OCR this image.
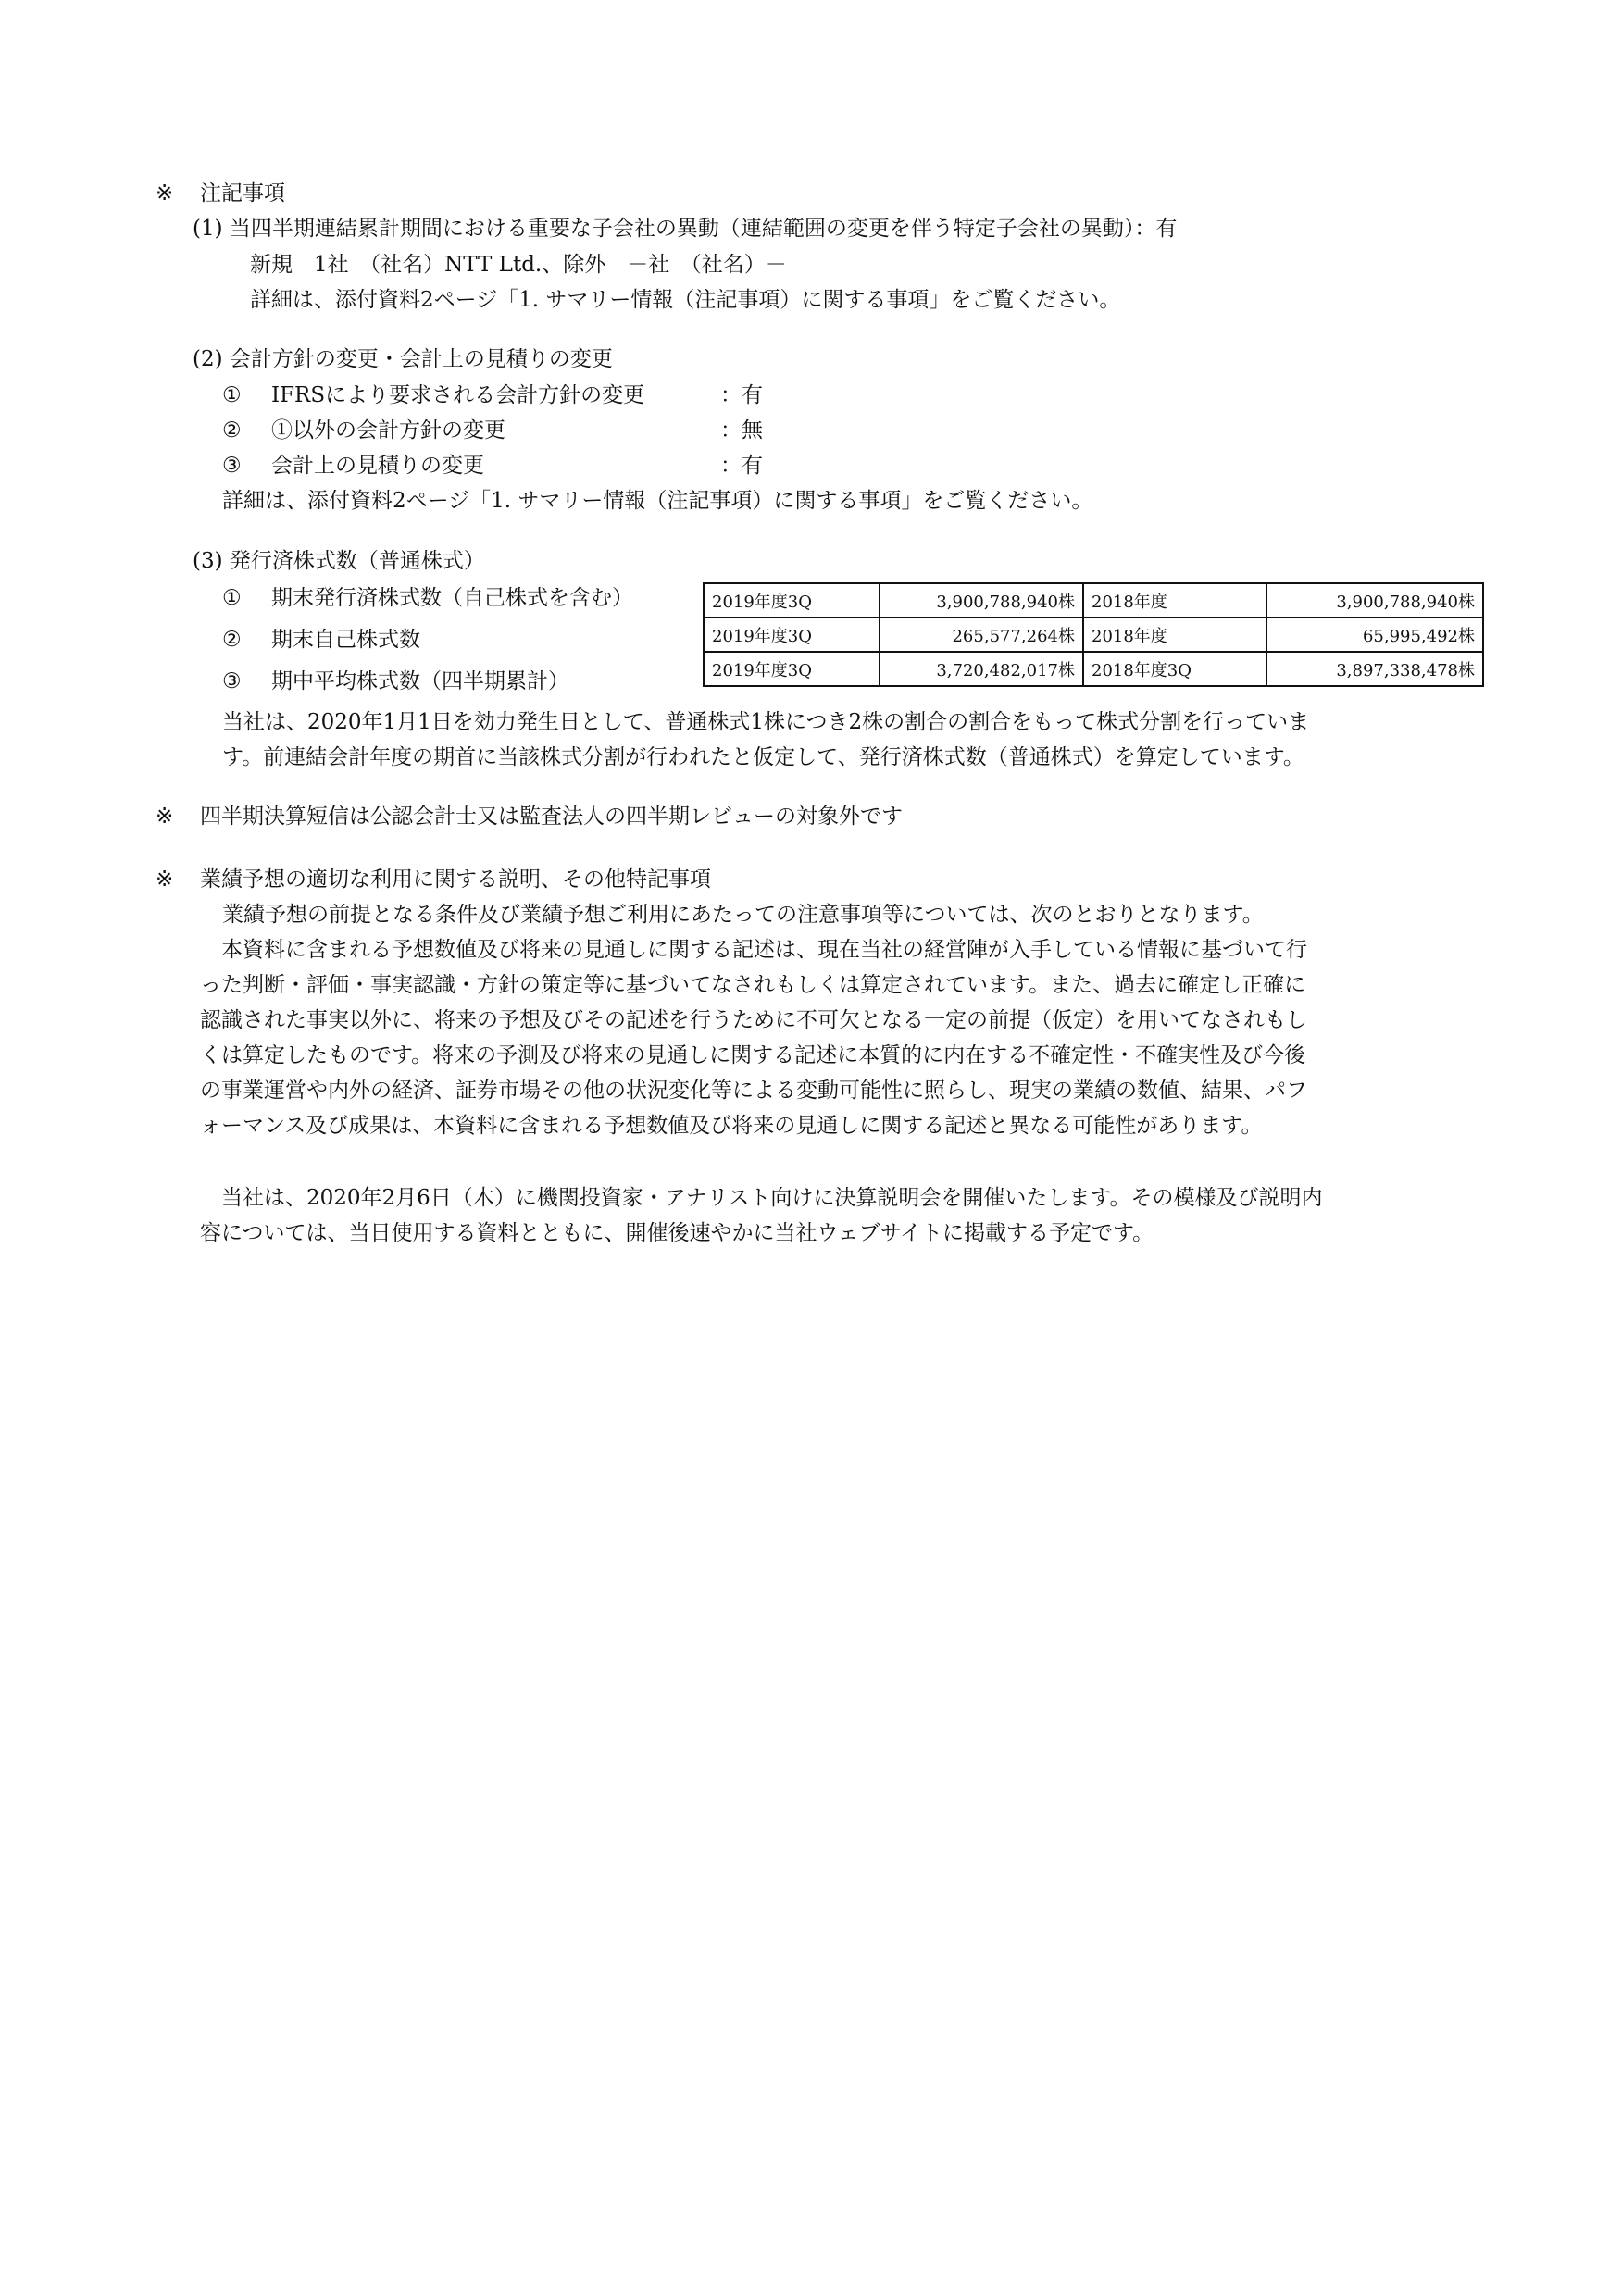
※ 注記事項
(1) 当四半期連結累計期間における重要な子会社の異動（連結範囲の変更を伴う特定子会社の異動）：有
新規　1社　（社名）NTT Ltd.、除外　－社　（社名）－
詳細は、添付資料2ページ「1. サマリー情報（注記事項）に関する事項」をご覧ください。
(2) 会計方針の変更・会計上の見積りの変更
① IFRSにより要求される会計方針の変更	：有
② ①以外の会計方針の変更	：無
③ 会計上の見積りの変更	：有
詳細は、添付資料2ページ「1. サマリー情報（注記事項）に関する事項」をご覧ください。
(3) 発行済株式数（普通株式）
① 期末発行済株式数（自己株式を含む）
② 期末自己株式数
③ 期中平均株式数（四半期累計）
2019年度3Q	3,900,788,940株	2018年度	3,900,788,940株
2019年度3Q	265,577,264株	2018年度	65,995,492株
2019年度3Q	3,720,482,017株	2018年度3Q	3,897,338,478株
当社は、2020年1月1日を効力発生日として、普通株式1株につき2株の割合の割合をもって株式分割を行っていま
す。前連結会計年度の期首に当該株式分割が行われたと仮定して、発行済株式数（普通株式）を算定しています。
※ 四半期決算短信は公認会計士又は監査法人の四半期レビューの対象外です
※ 業績予想の適切な利用に関する説明、その他特記事項
業績予想の前提となる条件及び業績予想ご利用にあたっての注意事項等については、次のとおりとなります。
　本資料に含まれる予想数値及び将来の見通しに関する記述は、現在当社の経営陣が入手している情報に基づいて行
った判断・評価・事実認識・方針の策定等に基づいてなされもしくは算定されています。また、過去に確定し正確に
認識された事実以外に、将来の予想及びその記述を行うために不可欠となる一定の前提（仮定）を用いてなされもし
くは算定したものです。将来の予測及び将来の見通しに関する記述に本質的に内在する不確定性・不確実性及び今後
の事業運営や内外の経済、証券市場その他の状況変化等による変動可能性に照らし、現実の業績の数値、結果、パフ
ォーマンス及び成果は、本資料に含まれる予想数値及び将来の見通しに関する記述と異なる可能性があります。
　当社は、2020年2月6日（木）に機関投資家・アナリスト向けに決算説明会を開催いたします。その模様及び説明内
容については、当日使用する資料とともに、開催後速やかに当社ウェブサイトに掲載する予定です。
